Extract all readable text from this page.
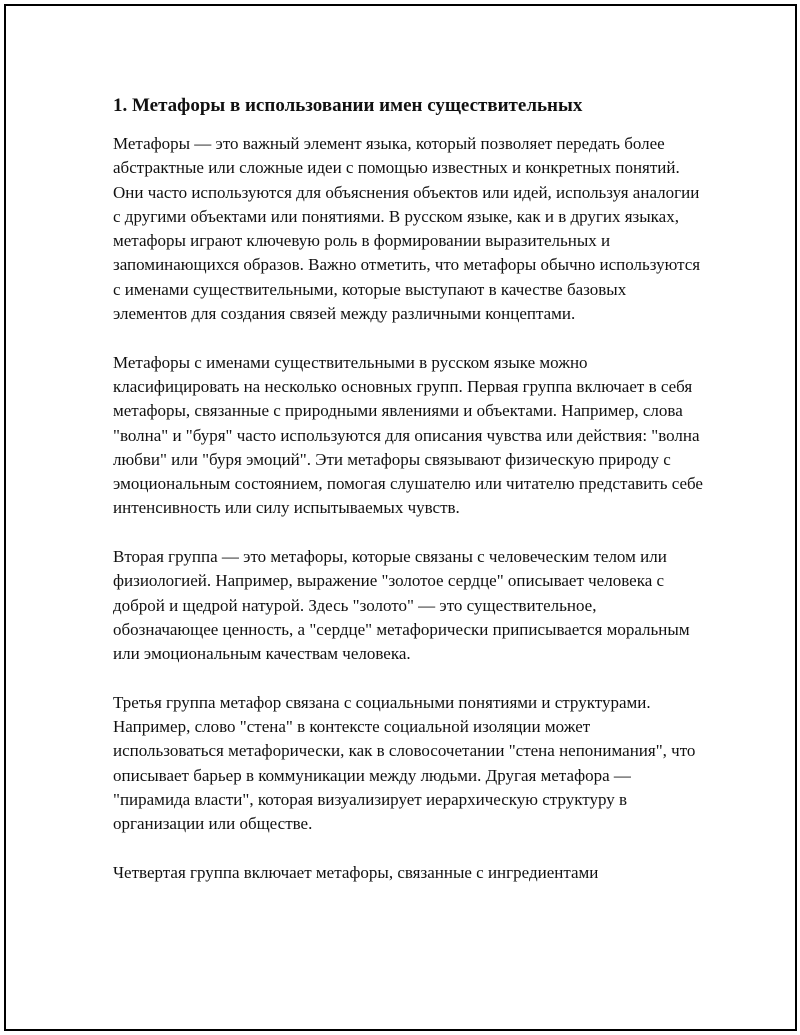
1. Метафоры в использовании имен существительных

Метафоры — это важный элемент языка, который позволяет передать более абстрактные или сложные идеи с помощью известных и конкретных понятий. Они часто используются для объяснения объектов или идей, используя аналогии с другими объектами или понятиями. В русском языке, как и в других языках, метафоры играют ключевую роль в формировании выразительных и запоминающихся образов. Важно отметить, что метафоры обычно используются с именами существительными, которые выступают в качестве базовых элементов для создания связей между различными концептами.

Метафоры с именами существительными в русском языке можно класифицировать на несколько основных групп. Первая группа включает в себя метафоры, связанные с природными явлениями и объектами. Например, слова "волна" и "буря" часто используются для описания чувства или действия: "волна любви" или "буря эмоций". Эти метафоры связывают физическую природу с эмоциональным состоянием, помогая слушателю или читателю представить себе интенсивность или силу испытываемых чувств.

Вторая группа — это метафоры, которые связаны с человеческим телом или физиологией. Например, выражение "золотое сердце" описывает человека с доброй и щедрой натурой. Здесь "золото" — это существительное, обозначающее ценность, а "сердце" метафорически приписывается моральным или эмоциональным качествам человека.

Третья группа метафор связана с социальными понятиями и структурами. Например, слово "стена" в контексте социальной изоляции может использоваться метафорически, как в словосочетании "стена непонимания", что описывает барьер в коммуникации между людьми. Другая метафора — "пирамида власти", которая визуализирует иерархическую структуру в организации или обществе.

Четвертая группа включает метафоры, связанные с ингредиентами
